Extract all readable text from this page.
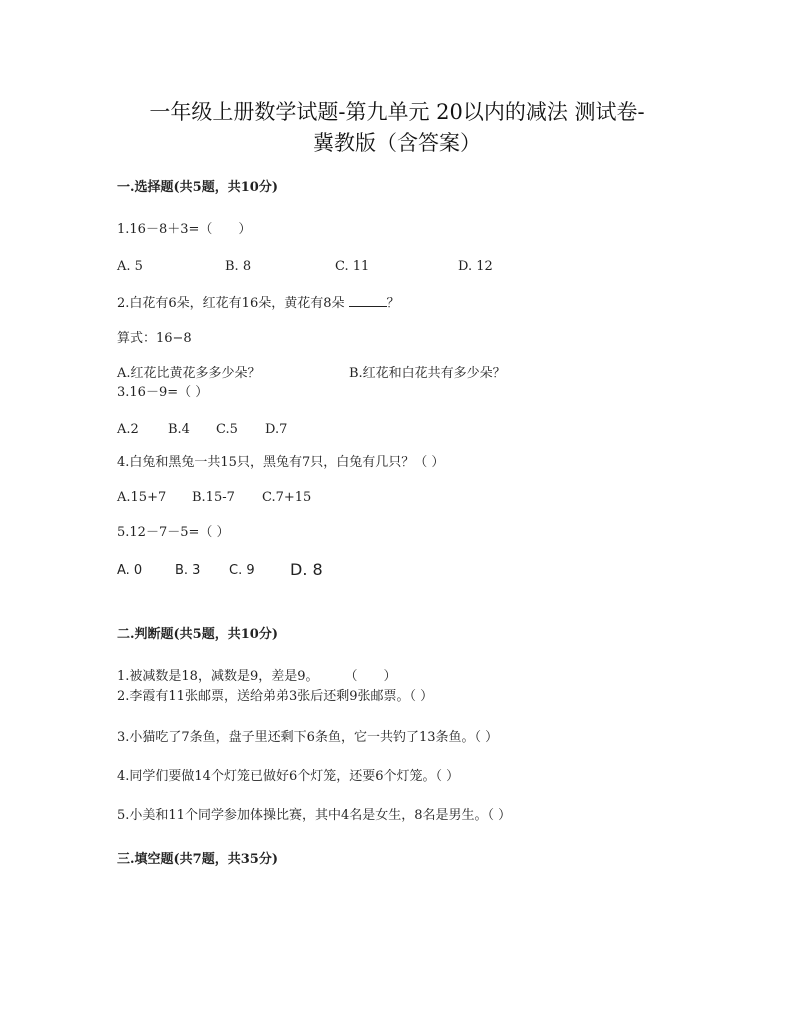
一年级上册数学试题-第九单元 20以内的减法 测试卷-
冀教版（含答案）
一.选择题(共5题，共10分)
1.16－8＋3=（　　）
A. 5	B. 8	C. 11	D. 12
2.白花有6朵，红花有16朵，黄花有8朵	？
算式：16−8
A.红花比黄花多多少朵？	B.红花和白花共有多少朵？
3.16－9=（ ）
A.2 B.4 C.5 D.7
4.白兔和黑兔一共15只，黑兔有7只，白兔有几只？（ ）
A.15+7 B.15-7 C.7+15
5.12－7－5=（ ）
A. 0	B. 3 C. 9 D. 8
二.判断题(共5题，共10分)
1.被减数是18，减数是9，差是9。　　　（　　）
2.李霞有11张邮票，送给弟弟3张后还剩9张邮票。（ ）
3.小猫吃了7条鱼，盘子里还剩下6条鱼，它一共钓了13条鱼。（ ）
4.同学们要做14个灯笼已做好6个灯笼，还要6个灯笼。（ ）
5.小美和11个同学参加体操比赛，其中4名是女生，8名是男生。（ ）
三.填空题(共7题，共35分)
